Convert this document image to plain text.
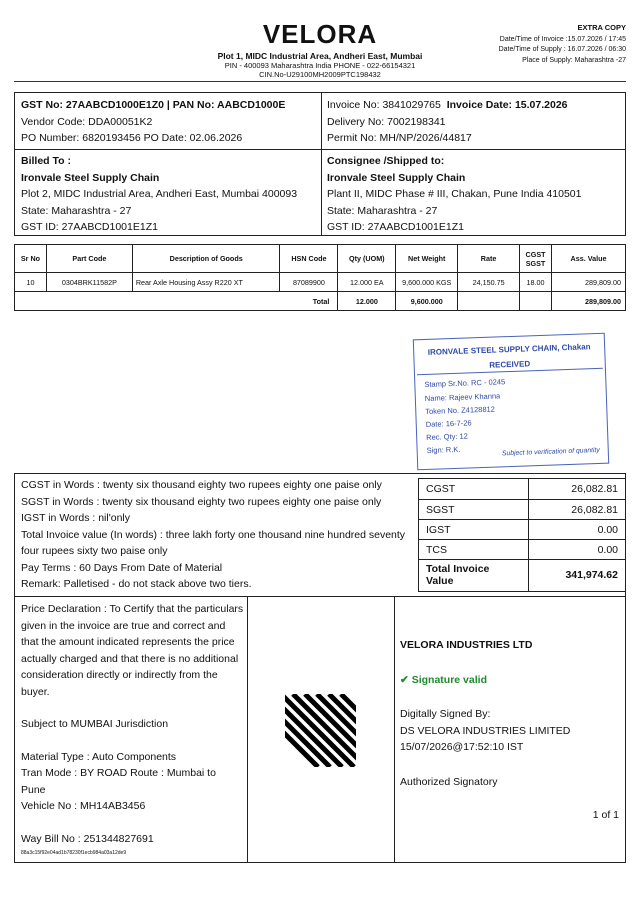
VELORA
Plot 1, MIDC Industrial Area, Andheri East, Mumbai
PIN - 400093 Maharashtra India PHONE - 022-66154321
CIN.No-U29100MH2009PTC198432
EXTRA COPY
Date/Time of Invoice :15.07.2026 / 17:45
Date/Time of Supply : 16.07.2026 / 06:30
Place of Supply: Maharashtra -27
GST No: 27AABCD1000E1Z0 | PAN No: AABCD1000E
Vendor Code: DDA00051K2
PO Number: 6820193456 PO Date: 02.06.2026
Invoice No: 3841029765 Invoice Date: 15.07.2026
Delivery No: 7002198341
Permit No: MH/NP/2026/44817
Billed To :
Ironvale Steel Supply Chain
Plot 2, MIDC Industrial Area, Andheri East, Mumbai 400093
State: Maharashtra - 27
GST ID: 27AABCD1001E1Z1
Consignee /Shipped to:
Ironvale Steel Supply Chain
Plant II, MIDC Phase # III, Chakan, Pune India 410501
State: Maharashtra - 27
GST ID: 27AABCD1001E1Z1
Sr No	Part Code	Description of Goods	HSN Code	Qty (UOM)	Net Weight	Rate	CGST SGST	Ass. Value
10	0304BRK11582P	Rear Axle Housing Assy R220 XT	87089900	12.000 EA	9,600.000 KGS	24,150.75	18.00	289,809.00
Total				12.000	9,600.000			289,809.00
IRONVALE STEEL SUPPLY CHAIN, Chakan
RECEIVED
Stamp Sr.No. RC - 0245
Name: Rajeev Khanna
Token No. Z4128812
Date: 16-7-26
Rec. Qty: 12
Sign: R.K.	Subject to verification of quantity
CGST in Words : twenty six thousand eighty two rupees eighty one paise only
SGST in Words : twenty six thousand eighty two rupees eighty one paise only
IGST in Words : nil'only
Total Invoice value (In words) : three lakh forty one thousand nine hundred seventy
four rupees sixty two paise only
Pay Terms : 60 Days From Date of Material
Remark: Palletised - do not stack above two tiers.
CGST	26,082.81
SGST	26,082.81
IGST	0.00
TCS	0.00
Total Invoice
Value	341,974.62
Price Declaration : To Certify that the particulars
given in the invoice are true and correct and
that the amount indicated represents the price
actually charged and that there is no additional
consideration directly or indirectly from the
buyer.
Subject to MUMBAI Jurisdiction
Material Type : Auto Components
Tran Mode : BY ROAD Route : Mumbai to
Pune
Vehicle No : MH14AB3456
Way Bill No : 251344827691
88a3c15f92e04ad1b78230f1ecb984a03a12de9
VELORA INDUSTRIES LTD
✔ Signature valid
Digitally Signed By:
DS VELORA INDUSTRIES LIMITED
15/07/2026@17:52:10 IST
Authorized Signatory
1 of 1
